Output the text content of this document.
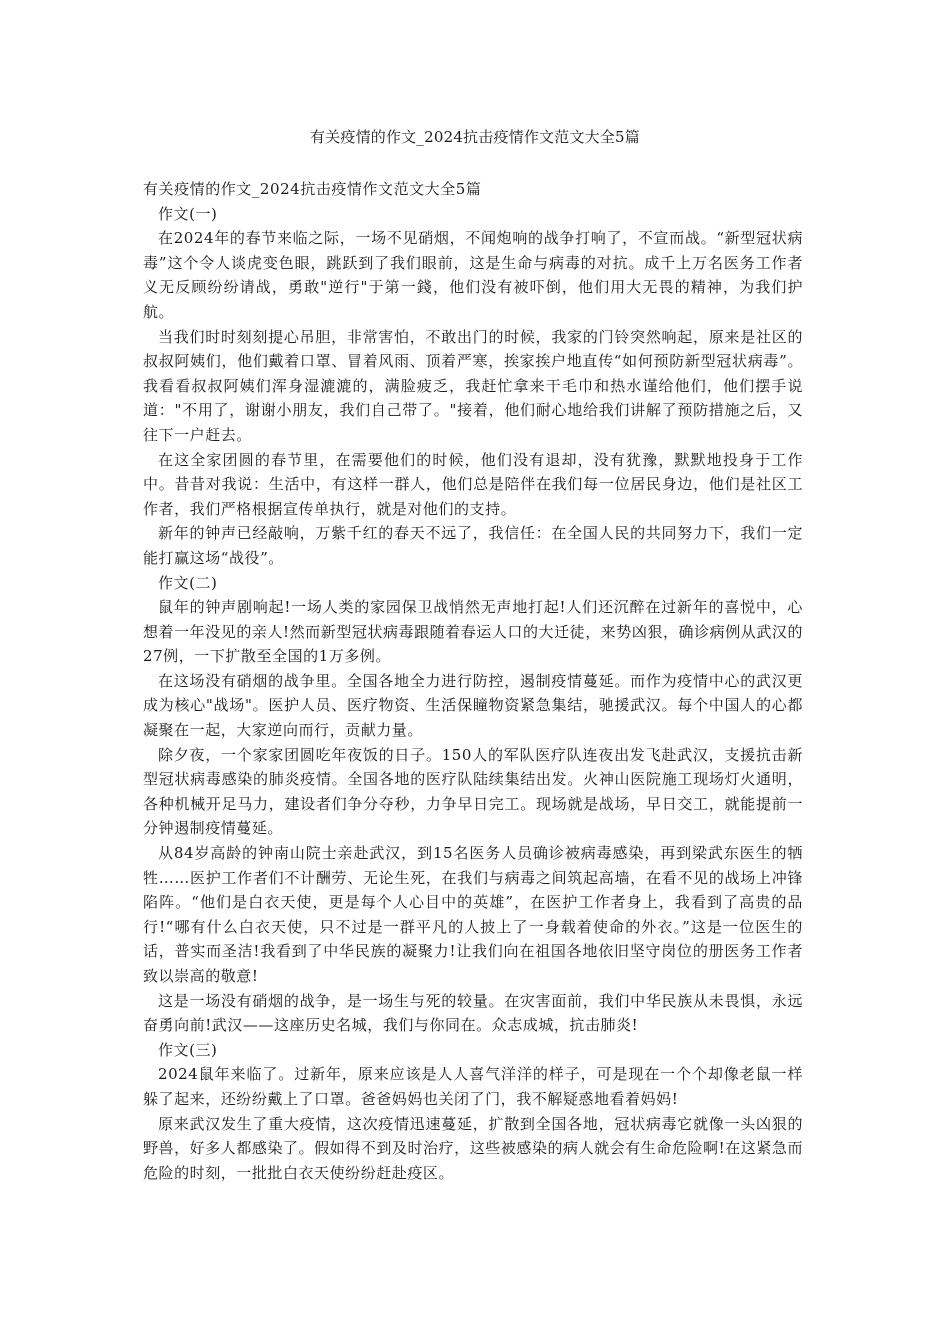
有关疫情的作文_2024抗击疫情作文范文大全5篇

有关疫情的作文_2024抗击疫情作文范文大全5篇

作文(一)

在2024年的春节来临之际，一场不见硝烟，不闻炮响的战争打响了，不宣而战。“新型冠状病毒”这个令人谈虎变色眼，跳跃到了我们眼前，这是生命与病毒的对抗。成千上万名医务工作者义无反顾纷纷请战，勇敢"逆行"于第一錢，他们没有被吓倒，他们用大无畏的精神，为我们护航。

当我们时时刻刻提心吊胆，非常害怕，不敢出门的时候，我家的门铃突然响起，原来是社区的叔叔阿姨们，他们戴着口罩、冒着风雨、顶着严寒，挨家挨户地直传“如何预防新型冠状病毒”。我看看叔叔阿姨们浑身湿漉漉的，满脸疲乏，我赶忙拿来干毛巾和热水谨给他们，他们摆手说道："不用了，谢谢小朋友，我们自己带了。"接着，他们耐心地给我们讲解了预防措施之后，又往下一户赶去。

在这全家团圆的春节里，在需要他们的时候，他们没有退却，没有犹豫，默默地投身于工作中。昔昔对我说：生活中，有这样一群人，他们总是陪伴在我们每一位居民身边，他们是社区工作者，我们严格根据宣传单执行，就是对他们的支持。

新年的钟声已经敲响，万紫千红的春天不远了，我信任：在全国人民的共同努力下，我们一定能打赢这场“战役”。

作文(二)

鼠年的钟声剧响起!一场人类的家园保卫战悄然无声地打起!人们还沉醉在过新年的喜悦中，心想着一年没见的亲人!然而新型冠状病毒跟随着春运人口的大迁徒，来势凶狠，确诊病例从武汉的27例，一下扩散至全国的1万多例。

在这场没有硝烟的战争里。全国各地全力进行防控，遏制疫情蔓延。而作为疫情中心的武汉更成为核心"战场"。医护人员、医疗物资、生活保瞳物资紧急集结，驰援武汉。每个中国人的心都凝聚在一起，大家逆向而行，贡献力量。

除夕夜，一个家家团圆吃年夜饭的日子。150人的军队医疗队连夜出发飞赴武汉，支援抗击新型冠状病毒感染的肺炎疫情。全国各地的医疗队陆续集结出发。火神山医院施工现场灯火通明，各种机械开足马力，建设者们争分夺秒，力争早日完工。现场就是战场，早日交工，就能提前一分钟遏制疫情蔓延。

从84岁高龄的钟南山院士亲赴武汉，到15名医务人员确诊被病毒感染，再到梁武东医生的牺牲……医护工作者们不计酬劳、无论生死，在我们与病毒之间筑起高墙，在看不见的战场上冲锋陷阵。“他们是白衣天使，更是每个人心目中的英雄”，在医护工作者身上，我看到了高贵的品行!“哪有什么白衣天使，只不过是一群平凡的人披上了一身载着使命的外衣。”这是一位医生的话，普实而圣洁!我看到了中华民族的凝聚力!让我们向在祖国各地依旧坚守岗位的册医务工作者致以崇高的敬意!

这是一场没有硝烟的战争，是一场生与死的较量。在灾害面前，我们中华民族从未畏惧，永远奋勇向前!武汉——这座历史名城，我们与你同在。众志成城，抗击肺炎!

作文(三)

2024鼠年来临了。过新年，原来应该是人人喜气洋洋的样子，可是现在一个个却像老鼠一样躲了起来，还纷纷戴上了口罩。爸爸妈妈也关闭了门，我不解疑惑地看着妈妈!

原来武汉发生了重大疫情，这次疫情迅速蔓延，扩散到全国各地，冠状病毒它就像一头凶狠的野兽，好多人都感染了。假如得不到及时治疗，这些被感染的病人就会有生命危险啊!在这紧急而危险的时刻，一批批白衣天使纷纷赶赴疫区。
